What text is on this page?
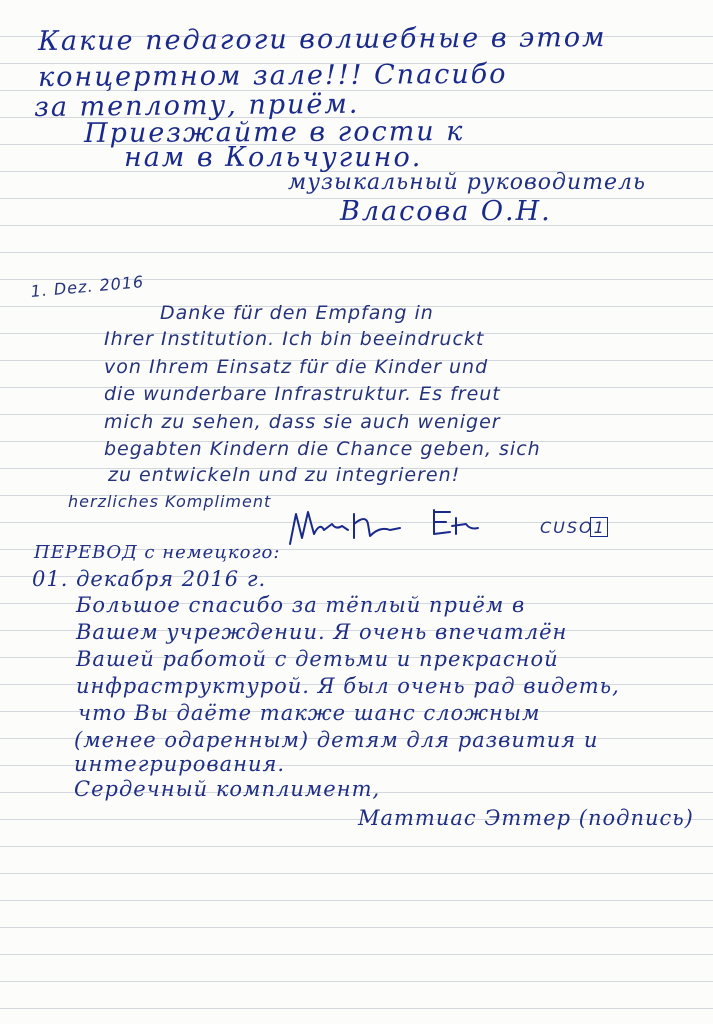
Какие педагоги волшебные в этом
концертном зале!!! Спасибо
за теплоту, приём.
Приезжайте в гости к
нам в Кольчугино.
музыкальный руководитель
Власова О.Н.
1. Dez. 2016
Danke für den Empfang in
Ihrer Institution. Ich bin beeindruckt
von Ihrem Einsatz für die Kinder und
die wunderbare Infrastruktur. Es freut
mich zu sehen, dass sie auch weniger
begabten Kindern die Chance geben, sich
zu entwickeln und zu integrieren!
herzliches Kompliment
CUSO1
ПЕРЕВОД с немецкого:
01. декабря 2016 г.
Большое спасибо за тёплый приём в
Вашем учреждении. Я очень впечатлён
Вашей работой с детьми и прекрасной
инфраструктурой. Я был очень рад видеть,
что Вы даёте также шанс сложным
(менее одаренным) детям для развития и
интегрирования.
Сердечный комплимент,
Маттиас Эттер (подпись)
